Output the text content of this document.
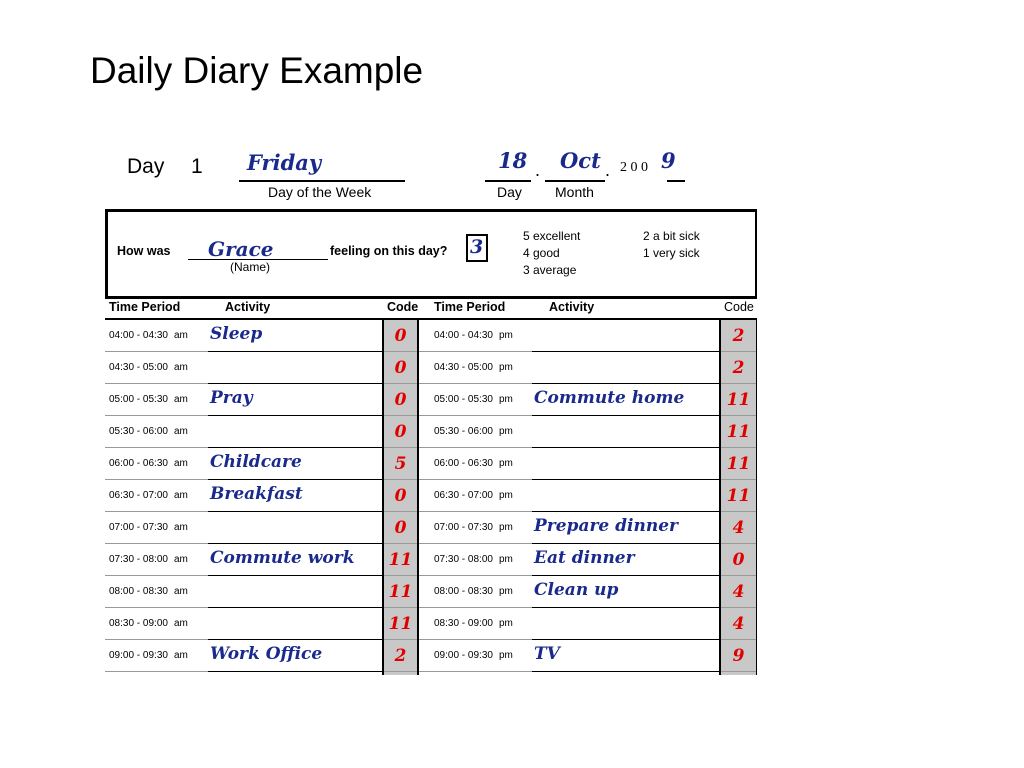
Daily Diary Example
Day 1 Friday
Day of the Week
18 . Oct . 2 0 0 9
Day Month
How was Grace
(Name)
feeling on this day? 3	5 excellent
4 good
3 average
2 a bit sick
1 very sick
Time Period	Activity	Code		Time Period	Activity	Code
04:00 - 04:30 am	Sleep	0		04:00 - 04:30 pm		2
04:30 - 05:00 am		0		04:30 - 05:00 pm		2
05:00 - 05:30 am	Pray	0		05:00 - 05:30 pm	Commute home	11
05:30 - 06:00 am		0		05:30 - 06:00 pm		11
06:00 - 06:30 am	Childcare	5		06:00 - 06:30 pm		11
06:30 - 07:00 am	Breakfast	0		06:30 - 07:00 pm		11
07:00 - 07:30 am		0		07:00 - 07:30 pm	Prepare dinner	4
07:30 - 08:00 am	Commute work	11		07:30 - 08:00 pm	Eat dinner	0
08:00 - 08:30 am		11		08:00 - 08:30 pm	Clean up	4
08:30 - 09:00 am		11		08:30 - 09:00 pm		4
09:00 - 09:30 am	Work Office	2		09:00 - 09:30 pm	TV	9
